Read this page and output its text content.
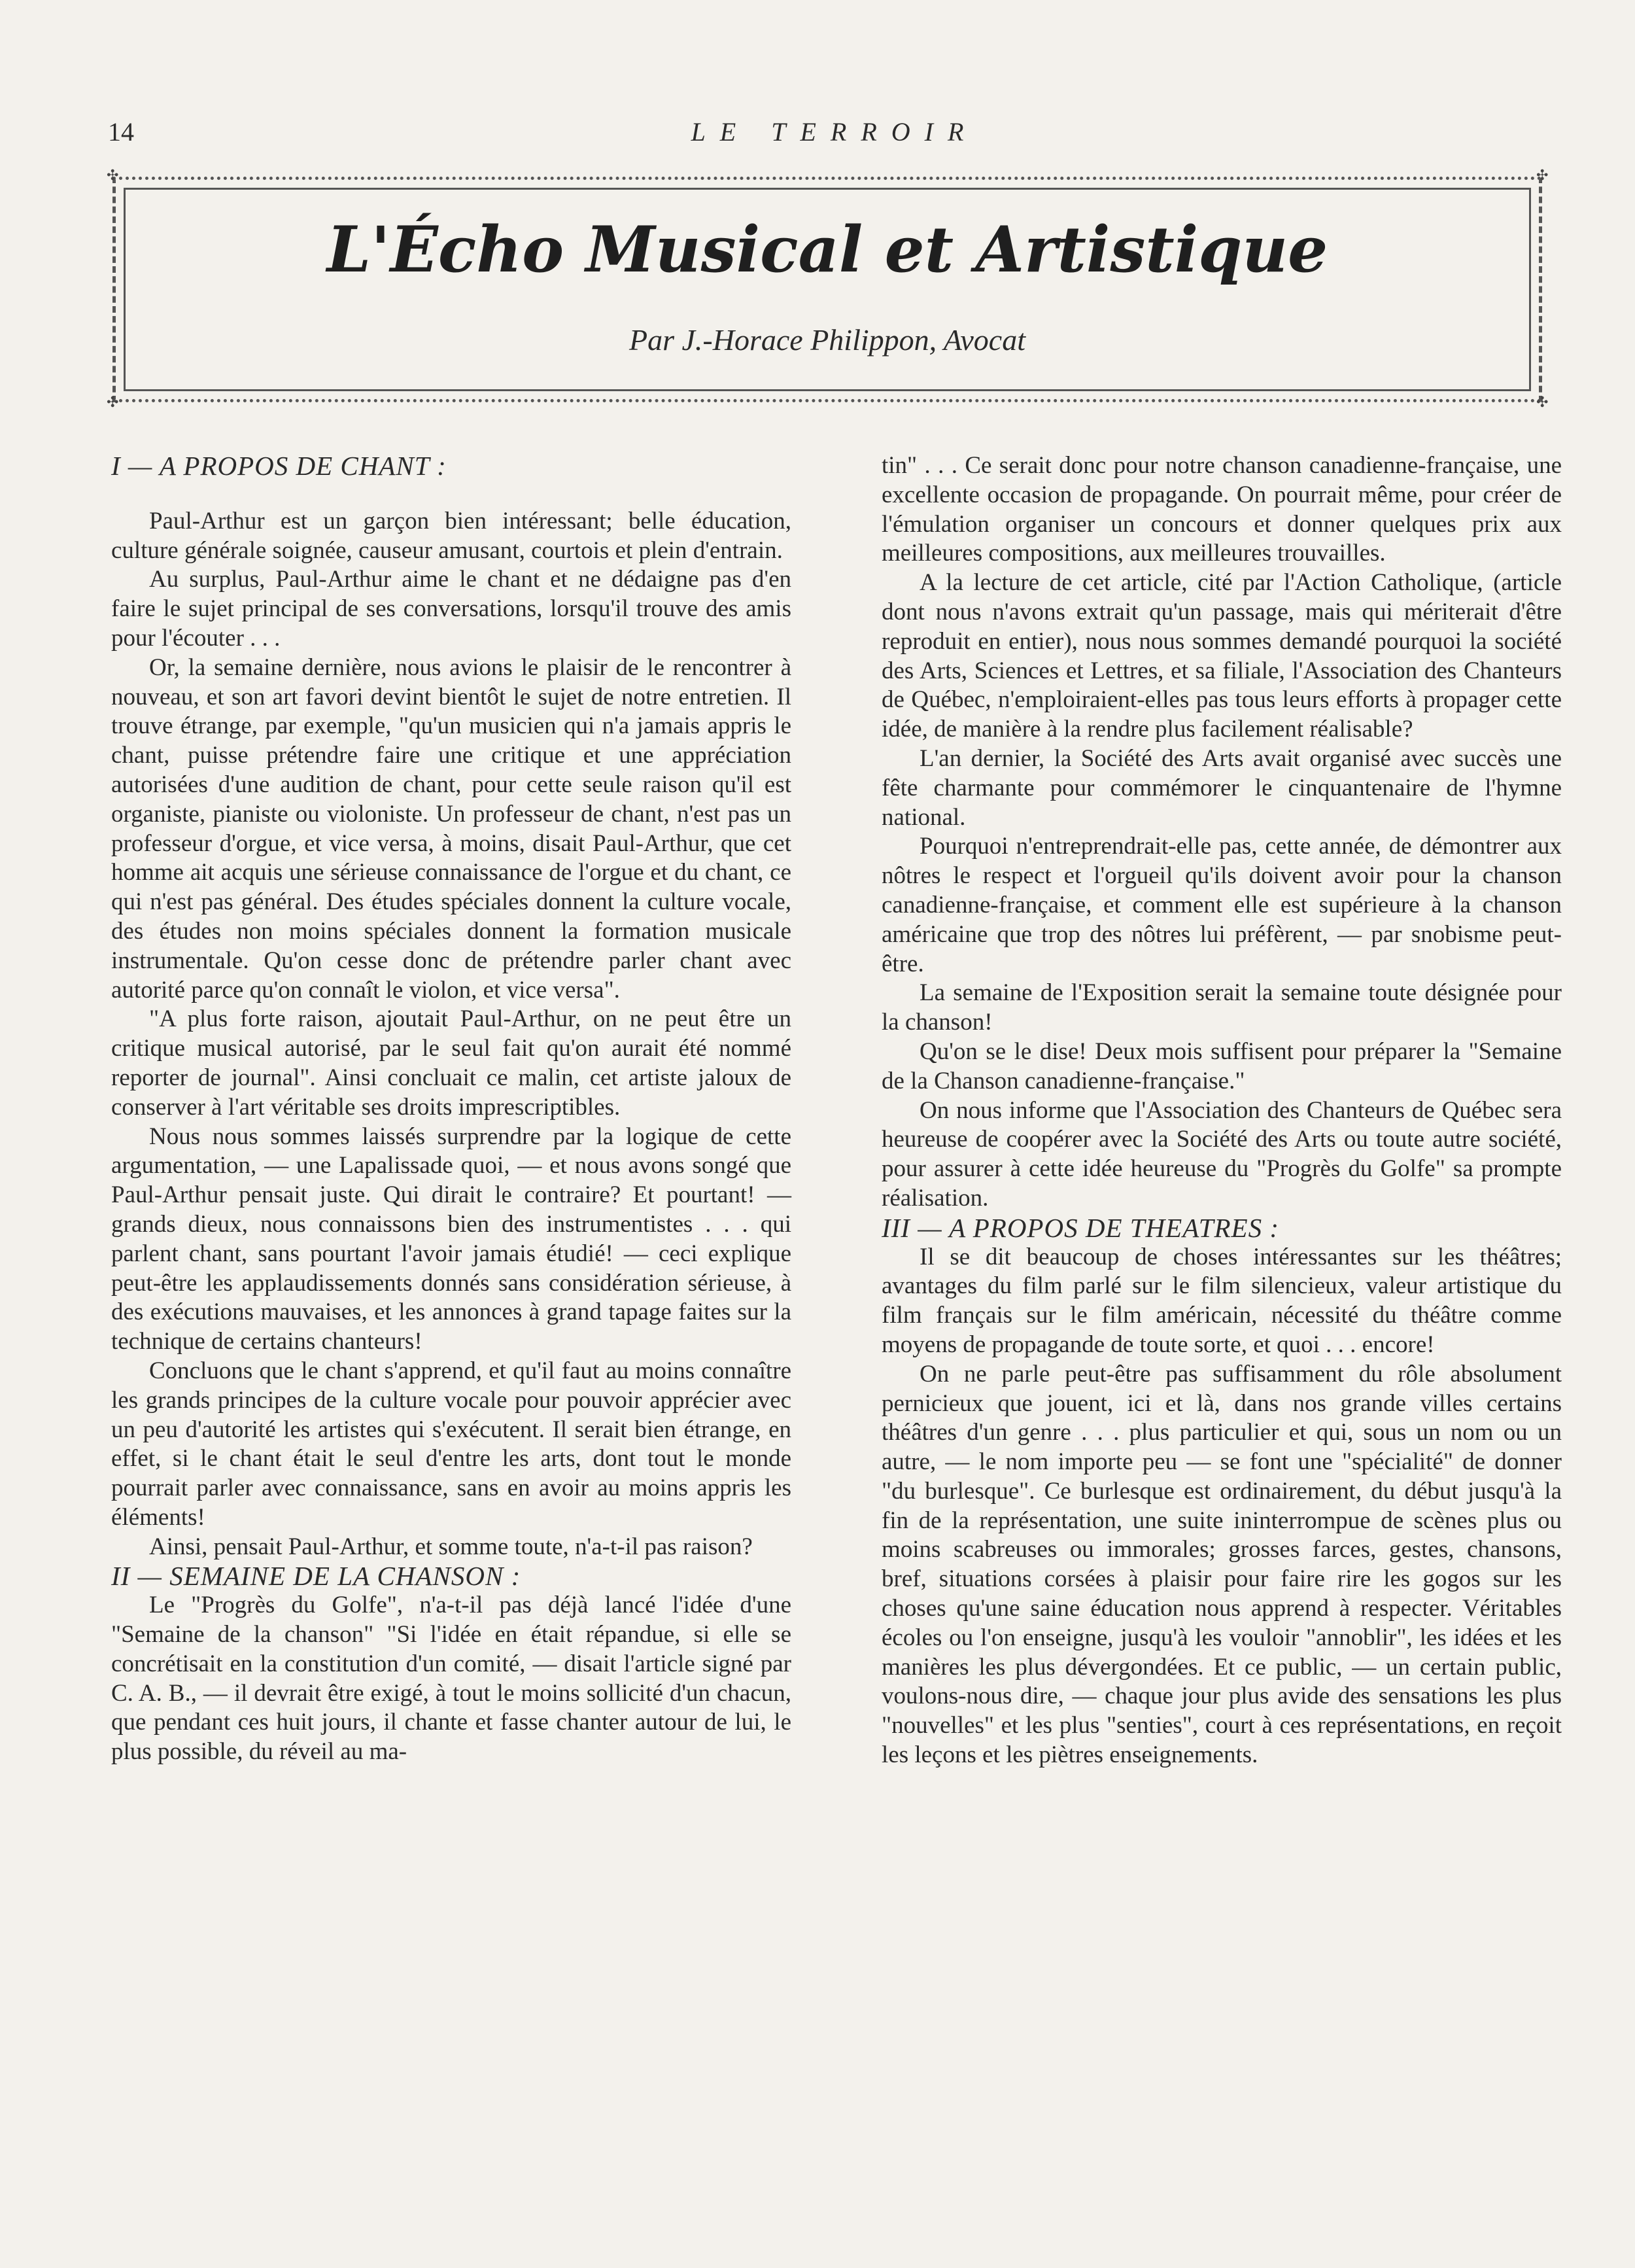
14	LE TERROIR
✣	✣
✣	✣
L'Écho Musical et Artistique
Par J.-Horace Philippon, Avocat

I — A PROPOS DE CHANT :

Paul-Arthur est un garçon bien intéressant; belle éducation, culture générale soignée, causeur amusant, courtois et plein d'entrain.

Au surplus, Paul-Arthur aime le chant et ne dédaigne pas d'en faire le sujet principal de ses conversations, lorsqu'il trouve des amis pour l'écouter . . .

Or, la semaine dernière, nous avions le plaisir de le rencontrer à nouveau, et son art favori devint bientôt le sujet de notre entretien. Il trouve étrange, par exemple, "qu'un musicien qui n'a jamais appris le chant, puisse prétendre faire une critique et une appréciation autorisées d'une audition de chant, pour cette seule raison qu'il est organiste, pianiste ou violoniste. Un professeur de chant, n'est pas un professeur d'orgue, et vice versa, à moins, disait Paul-Arthur, que cet homme ait acquis une sérieuse connaissance de l'orgue et du chant, ce qui n'est pas général. Des études spéciales donnent la culture vocale, des études non moins spéciales donnent la formation musicale instrumentale. Qu'on cesse donc de prétendre parler chant avec autorité parce qu'on connaît le violon, et vice versa".

"A plus forte raison, ajoutait Paul-Arthur, on ne peut être un critique musical autorisé, par le seul fait qu'on aurait été nommé reporter de journal". Ainsi concluait ce malin, cet artiste jaloux de conserver à l'art véritable ses droits imprescriptibles.

Nous nous sommes laissés surprendre par la logique de cette argumentation, — une Lapalissade quoi, — et nous avons songé que Paul-Arthur pensait juste. Qui dirait le contraire? Et pourtant! — grands dieux, nous connaissons bien des instrumentistes . . . qui parlent chant, sans pourtant l'avoir jamais étudié! — ceci explique peut-être les applaudissements donnés sans considération sérieuse, à des exécutions mauvaises, et les annonces à grand tapage faites sur la technique de certains chanteurs!

Concluons que le chant s'apprend, et qu'il faut au moins connaître les grands principes de la culture vocale pour pouvoir apprécier avec un peu d'autorité les artistes qui s'exécutent. Il serait bien étrange, en effet, si le chant était le seul d'entre les arts, dont tout le monde pourrait parler avec connaissance, sans en avoir au moins appris les éléments!

Ainsi, pensait Paul-Arthur, et somme toute, n'a-t-il pas raison?

II — SEMAINE DE LA CHANSON :

Le "Progrès du Golfe", n'a-t-il pas déjà lancé l'idée d'une "Semaine de la chanson" "Si l'idée en était répandue, si elle se concrétisait en la constitution d'un comité, — disait l'article signé par C. A. B., — il devrait être exigé, à tout le moins sollicité d'un chacun, que pendant ces huit jours, il chante et fasse chanter autour de lui, le plus possible, du réveil au ma-

tin" . . . Ce serait donc pour notre chanson canadienne-française, une excellente occasion de propagande. On pourrait même, pour créer de l'émulation organiser un concours et donner quelques prix aux meilleures compositions, aux meilleures trouvailles.

A la lecture de cet article, cité par l'Action Catholique, (article dont nous n'avons extrait qu'un passage, mais qui mériterait d'être reproduit en entier), nous nous sommes demandé pourquoi la société des Arts, Sciences et Lettres, et sa filiale, l'Association des Chanteurs de Québec, n'emploiraient-elles pas tous leurs efforts à propager cette idée, de manière à la rendre plus facilement réalisable?

L'an dernier, la Société des Arts avait organisé avec succès une fête charmante pour commémorer le cinquantenaire de l'hymne national.

Pourquoi n'entreprendrait-elle pas, cette année, de démontrer aux nôtres le respect et l'orgueil qu'ils doivent avoir pour la chanson canadienne-française, et comment elle est supérieure à la chanson américaine que trop des nôtres lui préfèrent, — par snobisme peut-être.

La semaine de l'Exposition serait la semaine toute désignée pour la chanson!

Qu'on se le dise! Deux mois suffisent pour préparer la "Semaine de la Chanson canadienne-française."

On nous informe que l'Association des Chanteurs de Québec sera heureuse de coopérer avec la Société des Arts ou toute autre société, pour assurer à cette idée heureuse du "Progrès du Golfe" sa prompte réalisation.

III — A PROPOS DE THEATRES :

Il se dit beaucoup de choses intéressantes sur les théâtres; avantages du film parlé sur le film silencieux, valeur artistique du film français sur le film américain, nécessité du théâtre comme moyens de propagande de toute sorte, et quoi . . . encore!

On ne parle peut-être pas suffisamment du rôle absolument pernicieux que jouent, ici et là, dans nos grande villes certains théâtres d'un genre . . . plus particulier et qui, sous un nom ou un autre, — le nom importe peu — se font une "spécialité" de donner "du burlesque". Ce burlesque est ordinairement, du début jusqu'à la fin de la représentation, une suite ininterrompue de scènes plus ou moins scabreuses ou immorales; grosses farces, gestes, chansons, bref, situations corsées à plaisir pour faire rire les gogos sur les choses qu'une saine éducation nous apprend à respecter. Véritables écoles ou l'on enseigne, jusqu'à les vouloir "annoblir", les idées et les manières les plus dévergondées. Et ce public, — un certain public, voulons-nous dire, — chaque jour plus avide des sensations les plus "nouvelles" et les plus "senties", court à ces représentations, en reçoit les leçons et les piètres enseignements.
